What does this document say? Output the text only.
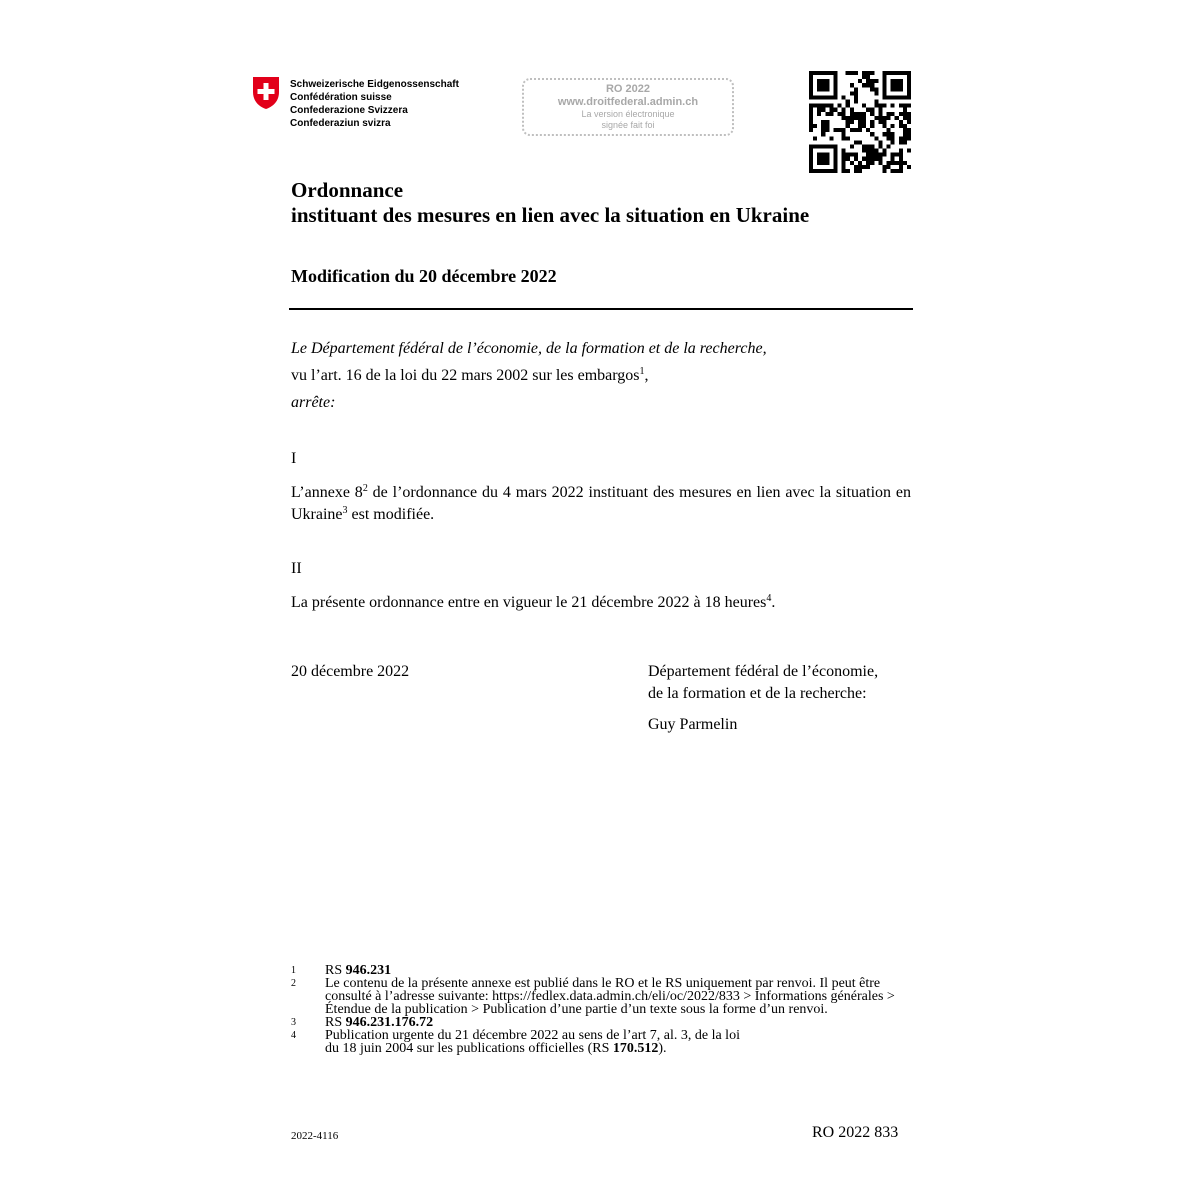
Schweizerische Eidgenossenschaft
Confédération suisse
Confederazione Svizzera
Confederaziun svizra
RO 2022
www.droitfederal.admin.ch
La version électronique
signée fait foi
Ordonnance
instituant des mesures en lien avec la situation en Ukraine
Modification du 20 décembre 2022
Le Département fédéral de l’économie, de la formation et de la recherche,
vu l’art. 16 de la loi du 22 mars 2002 sur les embargos$^1$,
arrête:
I
L’annexe $8^2$ de l’ordonnance du 4 mars 2022 instituant des mesures en lien avec la situation en Ukraine$^3$ est modifiée.
II
La présente ordonnance entre en vigueur le 21 décembre 2022 à 18 heures$^4$.
20 décembre 2022	Département fédéral de l’économie,
de la formation et de la recherche:
Guy Parmelin
1	RS 946.231
2	Le contenu de la présente annexe est publié dans le RO et le RS uniquement par renvoi. Il peut être consulté à l’adresse suivante: https://fedlex.data.admin.ch/eli/oc/2022/833 > Informations générales > Étendue de la publication > Publication d’une partie d’un texte sous la forme d’un renvoi.
3	RS 946.231.176.72
4	Publication urgente du 21 décembre 2022 au sens de l’art 7, al. 3, de la loi
du 18 juin 2004 sur les publications officielles (RS 170.512).
2022-4116	RO 2022 833
